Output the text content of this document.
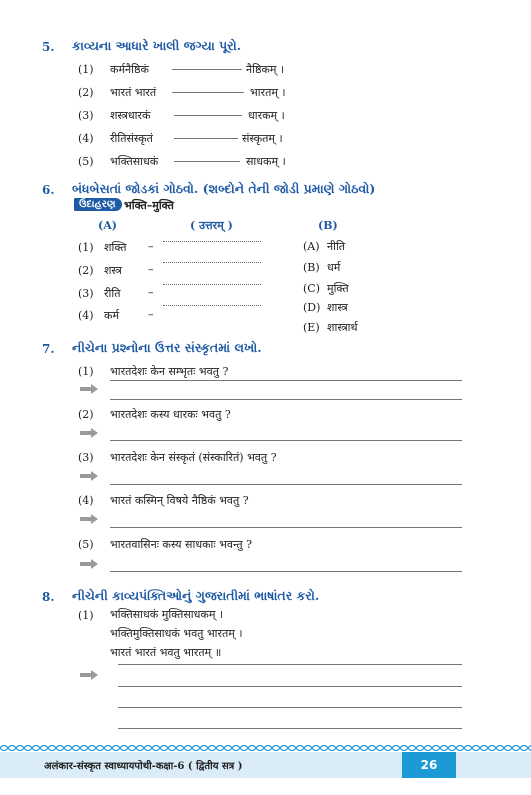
5. કાવ્યના આધારે ખાલી જગ્યા પૂરો.
(1) कर्मनैष्ठिकं	नैष्ठिकम् ।
(2) भारतं भारतं	भारतम् ।
(3) शस्त्रधारकं	धारकम् ।
(4) रीतिसंस्कृतं	संस्कृतम् ।
(5) भक्तिसाधकं	साधकम् ।
6. બંધબેસતાં જોડકાં ગોઠવો. (શબ્દોને તેની જોડી પ્રમાણે ગોઠવો)
ઉદાહરણ भक्ति–मुक्ति
(A)	( उत्तरम् )	(B)
(1) शक्ति –
(2) शस्त्र –
(3) रीति	–
(4) कर्म	–
(A) नीति
(B) धर्म
(C) मुक्ति
(D) शास्त्र
(E) शास्त्रार्थ
7. નીચેના પ્રશ્નોના ઉત્તર સંસ્કૃતમાં લખો.
(1) भारतदेशः केन सम्भृतः भवतु ?
(2) भारतदेशः कस्य धारकः भवतु ?
(3) भारतदेशः केन संस्कृतं (संस्कारितं) भवतु ?
(4) भारतं कस्मिन् विषये नैष्ठिकं भवतु ?
(5) भारतवासिनः कस्य साधकाः भवन्तु ?
8. નીચેની કાવ્યપંક્તિઓનું ગુજરાતીમાં ભાષાંતર કરો.
(1) भक्तिसाधकं मुक्तिसाधकम् ।
भक्तिमुक्तिसाधकं भवतु भारतम् ।
भारतं भारतं भवतु भारतम् ॥
अलंकार-संस्कृत स्वाध्यायपोथी-कक्षा-6 ( द्वितीय सत्र )	26
